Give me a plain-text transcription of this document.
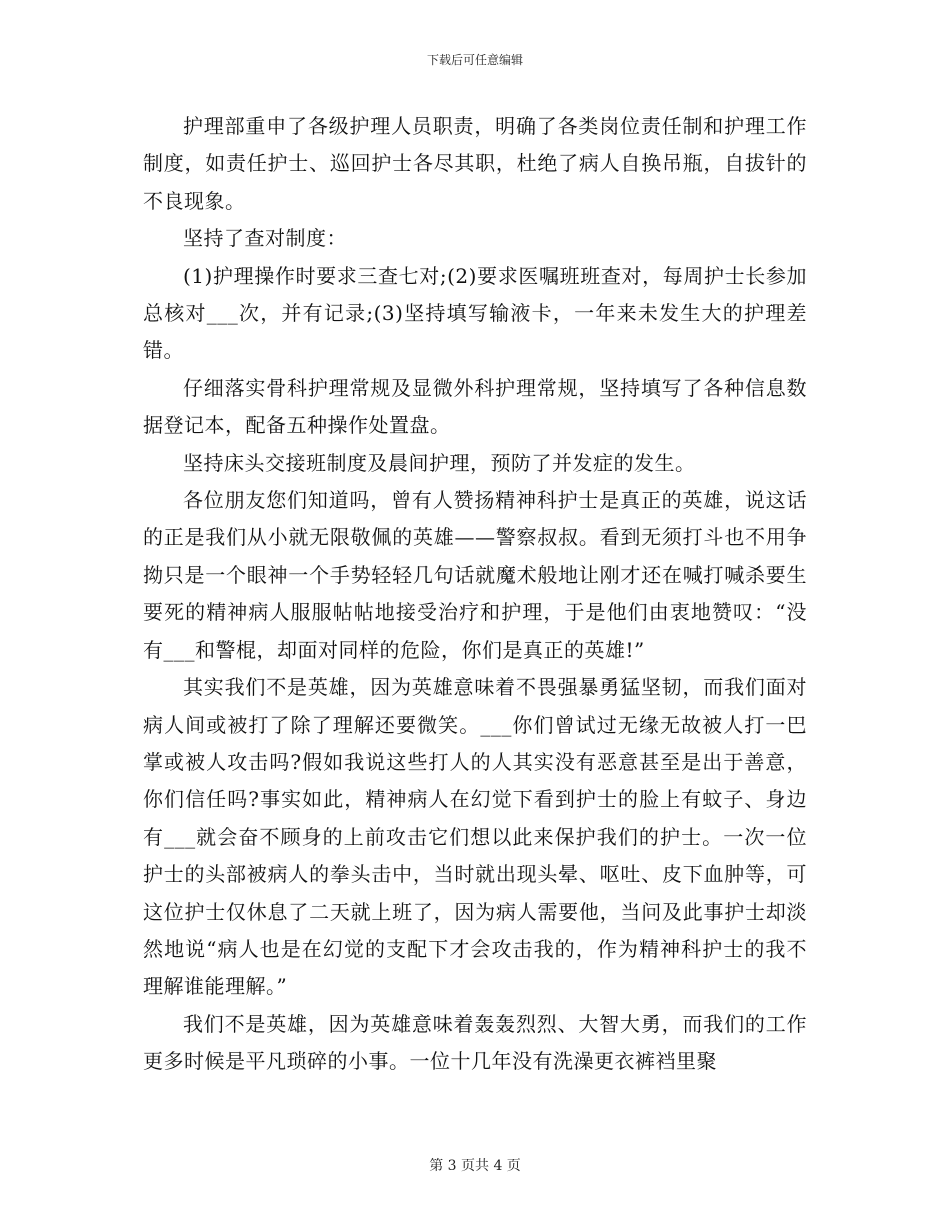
下载后可任意编辑

护理部重申了各级护理人员职责，明确了各类岗位责任制和护理工作制度，如责任护士、巡回护士各尽其职，杜绝了病人自换吊瓶，自拔针的不良现象。

坚持了查对制度：

(1)护理操作时要求三查七对;(2)要求医嘱班班查对，每周护士长参加总核对___次，并有记录;(3)坚持填写输液卡，一年来未发生大的护理差错。

仔细落实骨科护理常规及显微外科护理常规，坚持填写了各种信息数据登记本，配备五种操作处置盘。

坚持床头交接班制度及晨间护理，预防了并发症的发生。

各位朋友您们知道吗，曾有人赞扬精神科护士是真正的英雄，说这话的正是我们从小就无限敬佩的英雄——警察叔叔。看到无须打斗也不用争拗只是一个眼神一个手势轻轻几句话就魔术般地让刚才还在喊打喊杀要生要死的精神病人服服帖帖地接受治疗和护理，于是他们由衷地赞叹：“没有___和警棍，却面对同样的危险，你们是真正的英雄!”

其实我们不是英雄，因为英雄意味着不畏强暴勇猛坚韧，而我们面对病人间或被打了除了理解还要微笑。___你们曾试过无缘无故被人打一巴掌或被人攻击吗?假如我说这些打人的人其实没有恶意甚至是出于善意，你们信任吗?事实如此，精神病人在幻觉下看到护士的脸上有蚊子、身边有___就会奋不顾身的上前攻击它们想以此来保护我们的护士。一次一位护士的头部被病人的拳头击中，当时就出现头晕、呕吐、皮下血肿等，可这位护士仅休息了二天就上班了，因为病人需要他，当问及此事护士却淡然地说“病人也是在幻觉的支配下才会攻击我的，作为精神科护士的我不理解谁能理解。”

我们不是英雄，因为英雄意味着轰轰烈烈、大智大勇，而我们的工作更多时候是平凡琐碎的小事。一位十几年没有洗澡更衣裤裆里聚

第 3 页共 4 页
